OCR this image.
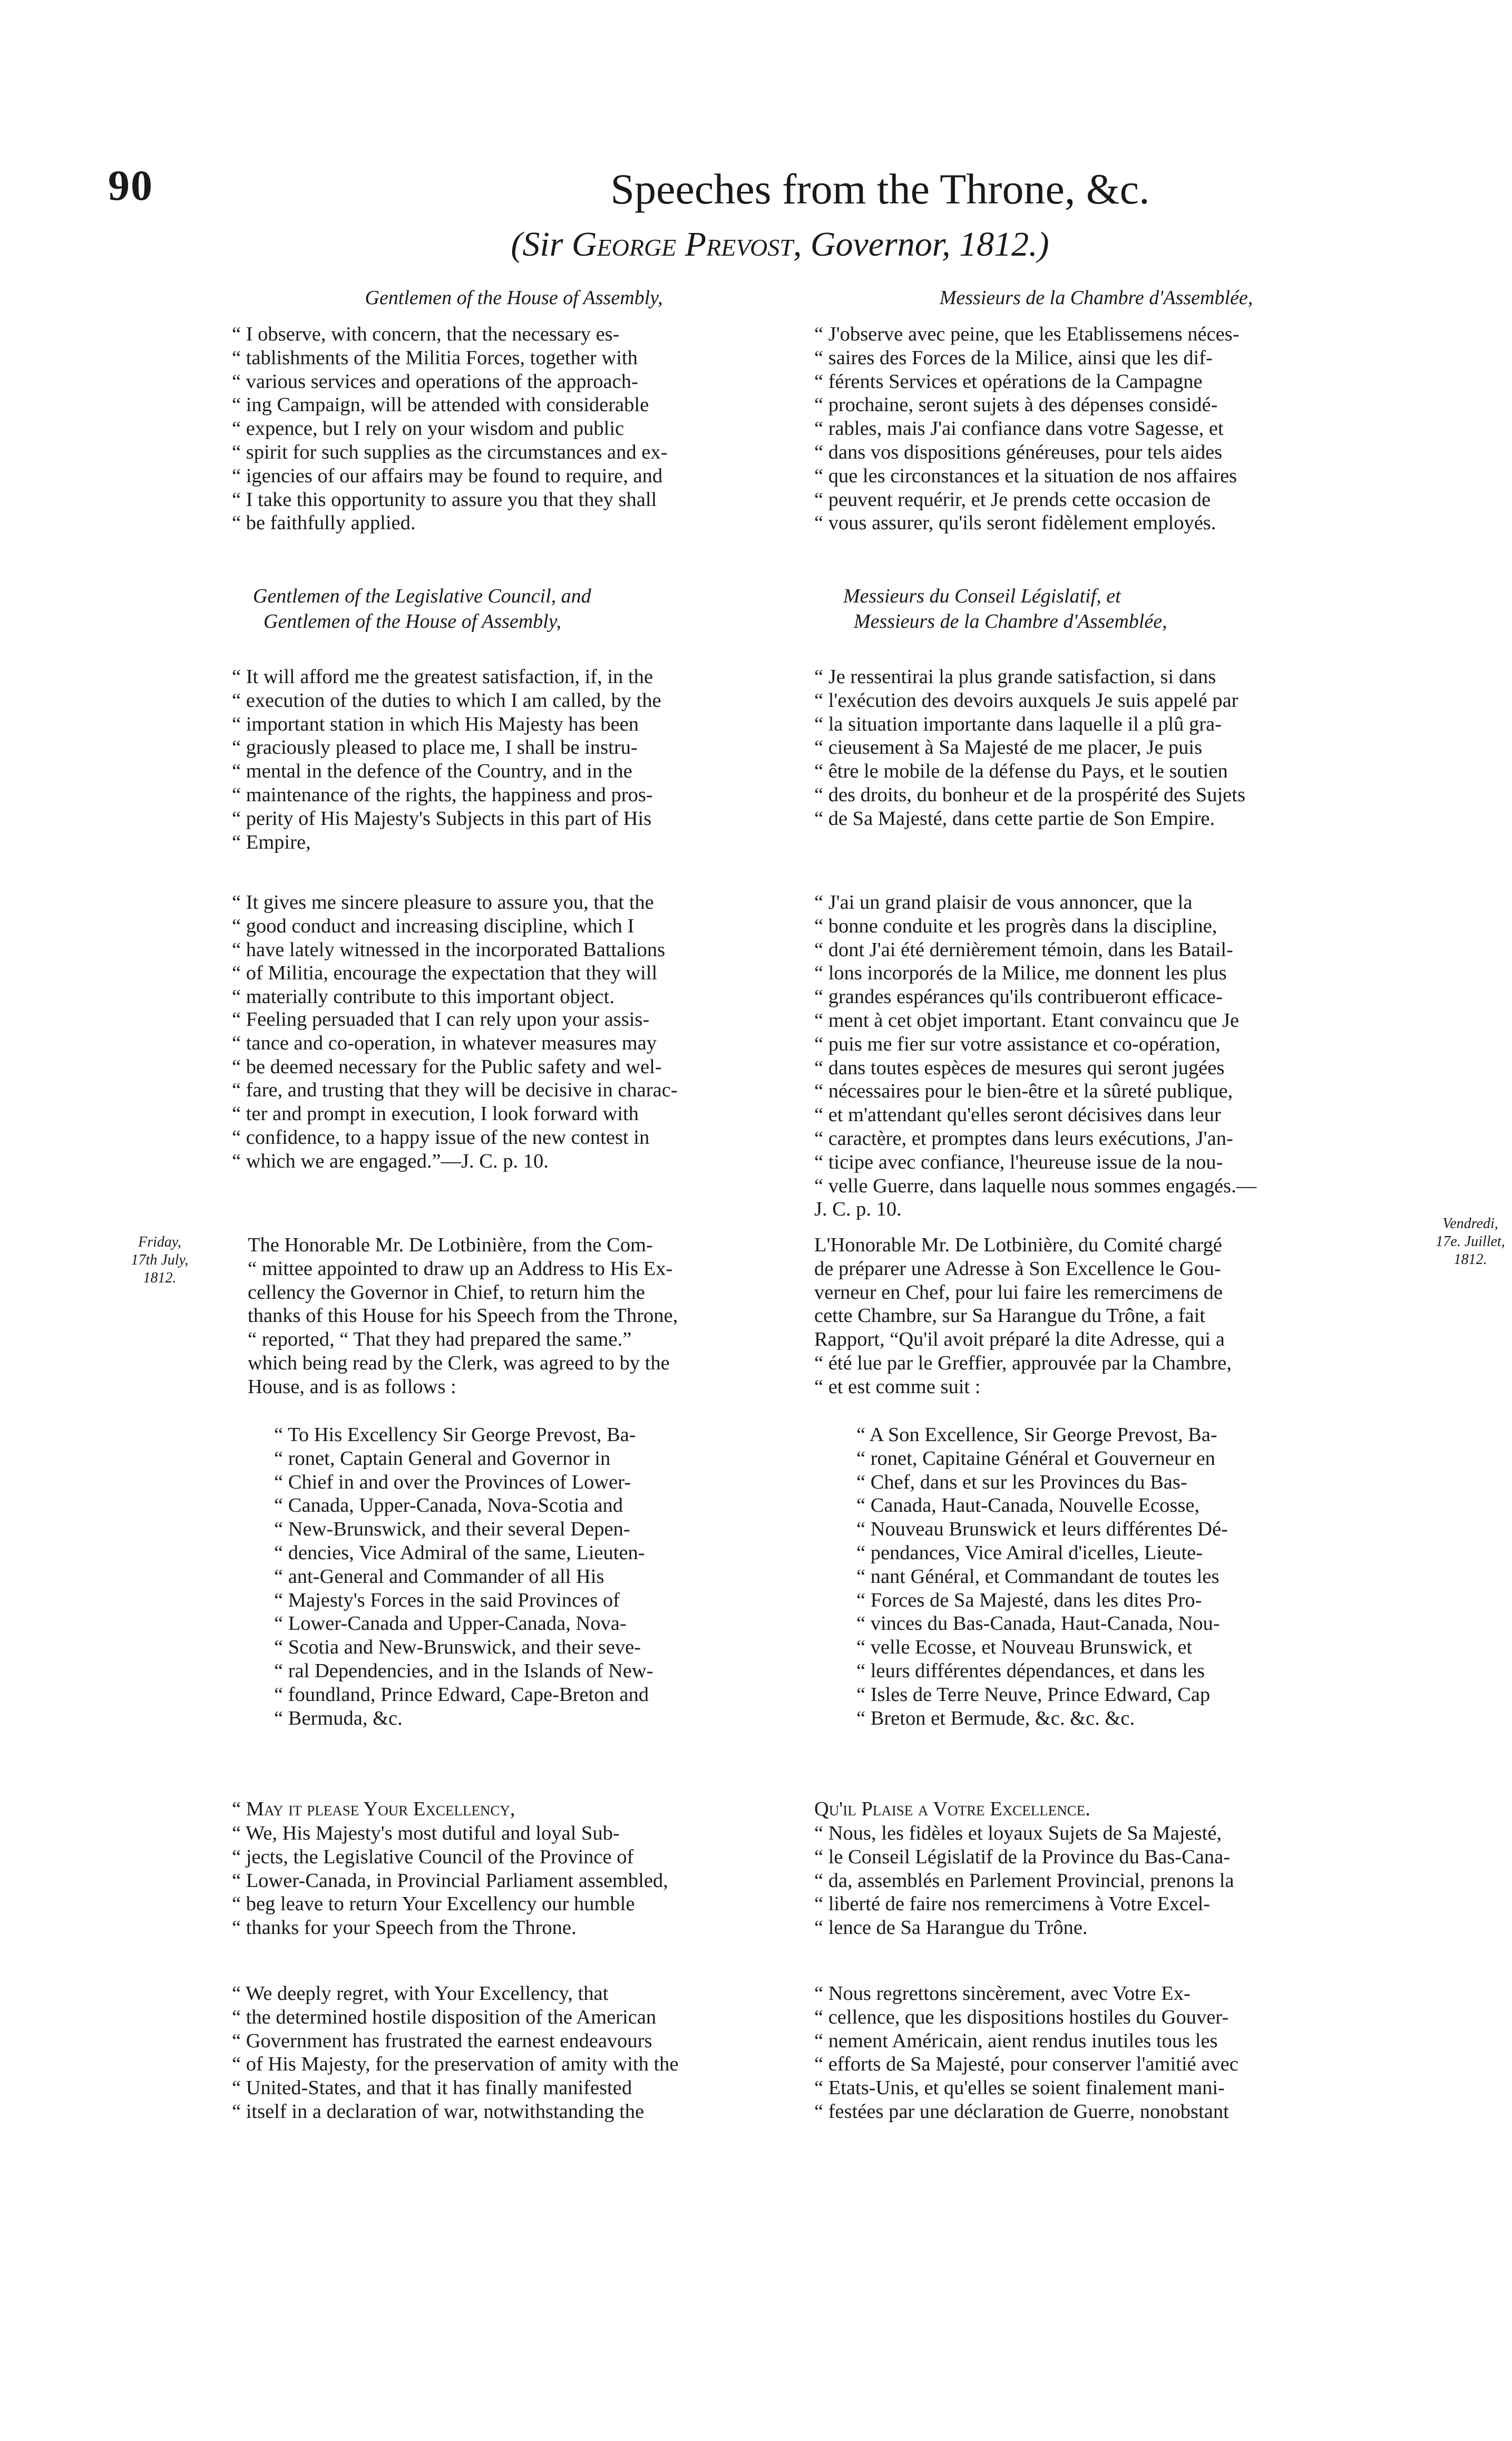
90	Speeches from the Throne, &c.
(Sir George Prevost, Governor, 1812.)
Gentlemen of the House of Assembly,
“ I observe, with concern, that the necessary es-
“ tablishments of the Militia Forces, together with
“ various services and operations of the approach-
“ ing Campaign, will be attended with considerable
“ expence, but I rely on your wisdom and public
“ spirit for such supplies as the circumstances and ex-
“ igencies of our affairs may be found to require, and
“ I take this opportunity to assure you that they shall
“ be faithfully applied.
Gentlemen of the Legislative Council, and
Gentlemen of the House of Assembly,
“ It will afford me the greatest satisfaction, if, in the
“ execution of the duties to which I am called, by the
“ important station in which His Majesty has been
“ graciously pleased to place me, I shall be instru-
“ mental in the defence of the Country, and in the
“ maintenance of the rights, the happiness and pros-
“ perity of His Majesty's Subjects in this part of His
“ Empire,
“ It gives me sincere pleasure to assure you, that the
“ good conduct and increasing discipline, which I
“ have lately witnessed in the incorporated Battalions
“ of Militia, encourage the expectation that they will
“ materially contribute to this important object.
“ Feeling persuaded that I can rely upon your assis-
“ tance and co-operation, in whatever measures may
“ be deemed necessary for the Public safety and wel-
“ fare, and trusting that they will be decisive in charac-
“ ter and prompt in execution, I look forward with
“ confidence, to a happy issue of the new contest in
“ which we are engaged.”—J. C. p. 10.
The Honorable Mr. De Lotbinière, from the Com-
“ mittee appointed to draw up an Address to His Ex-
cellency the Governor in Chief, to return him the
thanks of this House for his Speech from the Throne,
“ reported, “ That they had prepared the same.”
which being read by the Clerk, was agreed to by the
House, and is as follows :
“ To His Excellency Sir George Prevost, Ba-
“ ronet, Captain General and Governor in
“ Chief in and over the Provinces of Lower-
“ Canada, Upper-Canada, Nova-Scotia and
“ New-Brunswick, and their several Depen-
“ dencies, Vice Admiral of the same, Lieuten-
“ ant-General and Commander of all His
“ Majesty's Forces in the said Provinces of
“ Lower-Canada and Upper-Canada, Nova-
“ Scotia and New-Brunswick, and their seve-
“ ral Dependencies, and in the Islands of New-
“ foundland, Prince Edward, Cape-Breton and
“ Bermuda, &c.
“ May it please Your Excellency,
“ We, His Majesty's most dutiful and loyal Sub-
“ jects, the Legislative Council of the Province of
“ Lower-Canada, in Provincial Parliament assembled,
“ beg leave to return Your Excellency our humble
“ thanks for your Speech from the Throne.
“ We deeply regret, with Your Excellency, that
“ the determined hostile disposition of the American
“ Government has frustrated the earnest endeavours
“ of His Majesty, for the preservation of amity with the
“ United-States, and that it has finally manifested
“ itself in a declaration of war, notwithstanding the
Messieurs de la Chambre d'Assemblée,
“ J'observe avec peine, que les Etablissemens néces-
“ saires des Forces de la Milice, ainsi que les dif-
“ férents Services et opérations de la Campagne
“ prochaine, seront sujets à des dépenses considé-
“ rables, mais J'ai confiance dans votre Sagesse, et
“ dans vos dispositions généreuses, pour tels aides
“ que les circonstances et la situation de nos affaires
“ peuvent requérir, et Je prends cette occasion de
“ vous assurer, qu'ils seront fidèlement employés.
Messieurs du Conseil Législatif, et
Messieurs de la Chambre d'Assemblée,
“ Je ressentirai la plus grande satisfaction, si dans
“ l'exécution des devoirs auxquels Je suis appelé par
“ la situation importante dans laquelle il a plû gra-
“ cieusement à Sa Majesté de me placer, Je puis
“ être le mobile de la défense du Pays, et le soutien
“ des droits, du bonheur et de la prospérité des Sujets
“ de Sa Majesté, dans cette partie de Son Empire.
“ J'ai un grand plaisir de vous annoncer, que la
“ bonne conduite et les progrès dans la discipline,
“ dont J'ai été dernièrement témoin, dans les Batail-
“ lons incorporés de la Milice, me donnent les plus
“ grandes espérances qu'ils contribueront efficace-
“ ment à cet objet important. Etant convaincu que Je
“ puis me fier sur votre assistance et co-opération,
“ dans toutes espèces de mesures qui seront jugées
“ nécessaires pour le bien-être et la sûreté publique,
“ et m'attendant qu'elles seront décisives dans leur
“ caractère, et promptes dans leurs exécutions, J'an-
“ ticipe avec confiance, l'heureuse issue de la nou-
“ velle Guerre, dans laquelle nous sommes engagés.—
J. C. p. 10.
L'Honorable Mr. De Lotbinière, du Comité chargé
de préparer une Adresse à Son Excellence le Gou-
verneur en Chef, pour lui faire les remercimens de
cette Chambre, sur Sa Harangue du Trône, a fait
Rapport, “Qu'il avoit préparé la dite Adresse, qui a
“ été lue par le Greffier, approuvée par la Chambre,
“ et est comme suit :
“ A Son Excellence, Sir George Prevost, Ba-
“ ronet, Capitaine Général et Gouverneur en
“ Chef, dans et sur les Provinces du Bas-
“ Canada, Haut-Canada, Nouvelle Ecosse,
“ Nouveau Brunswick et leurs différentes Dé-
“ pendances, Vice Amiral d'icelles, Lieute-
“ nant Général, et Commandant de toutes les
“ Forces de Sa Majesté, dans les dites Pro-
“ vinces du Bas-Canada, Haut-Canada, Nou-
“ velle Ecosse, et Nouveau Brunswick, et
“ leurs différentes dépendances, et dans les
“ Isles de Terre Neuve, Prince Edward, Cap
“ Breton et Bermude, &c. &c. &c.
Qu'il Plaise a Votre Excellence.
“ Nous, les fidèles et loyaux Sujets de Sa Majesté,
“ le Conseil Législatif de la Province du Bas-Cana-
“ da, assemblés en Parlement Provincial, prenons la
“ liberté de faire nos remercimens à Votre Excel-
“ lence de Sa Harangue du Trône.
“ Nous regrettons sincèrement, avec Votre Ex-
“ cellence, que les dispositions hostiles du Gouver-
“ nement Américain, aient rendus inutiles tous les
“ efforts de Sa Majesté, pour conserver l'amitié avec
“ Etats-Unis, et qu'elles se soient finalement mani-
“ festées par une déclaration de Guerre, nonobstant
Friday,
17th July,
1812.
Vendredi,
17e. Juillet,
1812.
